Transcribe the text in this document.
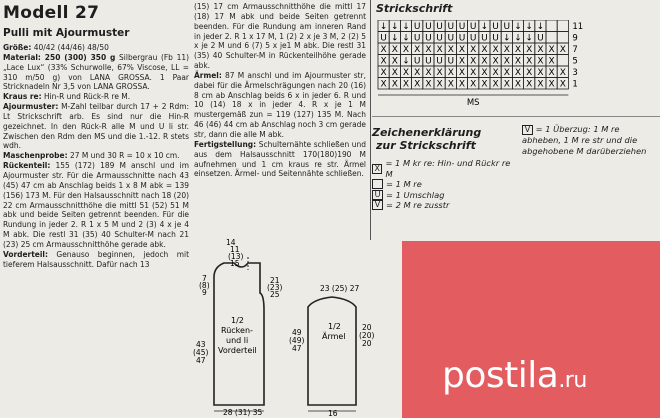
Modell 27
Pulli mit Ajourmuster

Größe: 40/42 (44/46) 48/50

Material: 250 (300) 350 g Silbergrau (Fb 11) „Lace Lux“ (33% Schurwolle, 67% Viscose, LL = 310 m/50 g) von LANA GROSSA. 1 Paar Stricknadeln Nr 3,5 von LANA GROSSA.

Kraus re: Hin-R und Rück-R re M.

Ajourmuster: M-Zahl teilbar durch 17 + 2 Rdm: Lt Strickschrift arb. Es sind nur die Hin-R gezeichnet. In den Rück-R alle M und U li str. Zwischen den Rdm den MS und die 1.-12. R stets wdh.

Maschenprobe: 27 M und 30 R = 10 x 10 cm.

Rückenteil: 155 (172) 189 M anschl und im Ajourmuster str. Für die Armausschnitte nach 43 (45) 47 cm ab Anschlag beids 1 x 8 M abk = 139 (156) 173 M. Für den Halsausschnitt nach 18 (20) 22 cm Armausschnitthöhe die mittl 51 (52) 51 M abk und beide Seiten getrennt beenden. Für die Rundung in jeder 2. R 1 x 5 M und 2 (3) 4 x je 4 M abk. Die restl 31 (35) 40 Schulter-M nach 21 (23) 25 cm Armausschnitthöhe gerade abk.

Vorderteil: Genauso beginnen, jedoch mit tieferem Halsausschnitt. Dafür nach 13

(15) 17 cm Armausschnitthöhe die mittl 17 (18) 17 M abk und beide Seiten getrennt beenden. Für die Rundung am inneren Rand in jeder 2. R 1 x 17 M, 1 (2) 2 x je 3 M, 2 (2) 5 x je 2 M und 6 (7) 5 x je1 M abk. Die restl 31 (35) 40 Schulter-M in Rückenteilhöhe gerade abk.

Ärmel: 87 M anschl und im Ajourmuster str, dabei für die Ärmelschrägungen nach 20 (16) 8 cm ab Anschlag beids 6 x in jeder 6. R und 10 (14) 18 x in jeder 4. R x je 1 M mustergemäß zun = 119 (127) 135 M. Nach 46 (46) 44 cm ab Anschlag noch 3 cm gerade str, dann die alle M abk.

Fertigstellung: Schulternähte schließen und aus dem Halsausschnitt 170(180)190 M aufnehmen und 1 cm kraus re str. Ärmel einsetzen. Ärmel- und Seitennähte schließen.

14
11
(13)
15
7
(8)
9
21
(23)
25
43
(45)
47
1/2
Rücken-
und li
Vorderteil
28 (31) 35
23 (25) 27
20
(20)
20
49
(49)
47
1/2
Ärmel
16
Strickschrift
↓ ↓ ↓ U U U U U U ↓ U U ↓ ↓ ↓	11
U ↓ ↓ U U U U U U U U ↓ ↓ ↓ U	9
X X X X X X X X X X X X X X X X X 7
X X ↓ U U U U X X X X X X X X X 5
X X X X X X X X X X X X X X X X X 3
X X X X X X X X X X X X X X X X X 1
MS
Zeichenerklärung
zur Strickschrift
X = 1 M kr re: Hin- und Rückr re M
= 1 M re
U = 1 Umschlag
V = 2 M re zusstr
V = 1 Überzug: 1 M re abheben, 1 M re str und die abgehobene M darüberziehen
postila.ru
